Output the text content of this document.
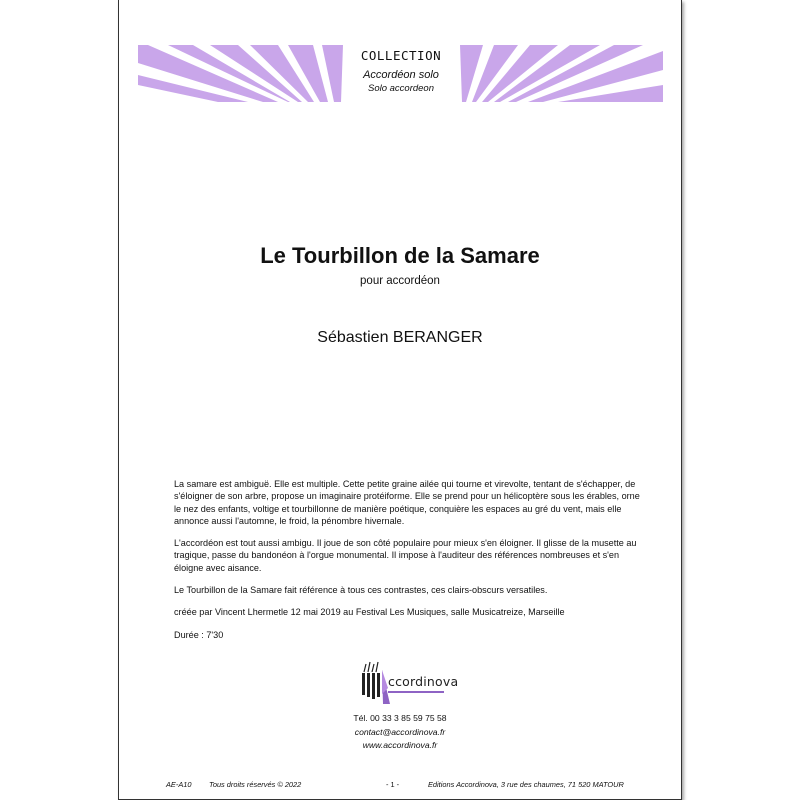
COLLECTION
Accordéon solo
Solo accordeon
Le Tourbillon de la Samare
pour accordéon
Sébastien BERANGER

La samare est ambiguë. Elle est multiple. Cette petite graine ailée qui tourne et virevolte, tentant de s'échapper, de s'éloigner de son arbre, propose un imaginaire protéiforme. Elle se prend pour un hélicoptère sous les érables, orne le nez des enfants, voltige et tourbillonne de manière poétique, conquière les espaces au gré du vent, mais elle annonce aussi l'automne, le froid, la pénombre hivernale.

L'accordéon est tout aussi ambigu. Il joue de son côté populaire pour mieux s'en éloigner. Il glisse de la musette au tragique, passe du bandonéon à l'orgue monumental. Il impose à l'auditeur des références nombreuses et s'en éloigne avec aisance.

Le Tourbillon de la Samare fait référence à tous ces contrastes, ces clairs-obscurs versatiles.

créée par Vincent Lhermetle 12 mai 2019 au Festival Les Musiques, salle Musicatreize, Marseille

Durée : 7'30

ccordinova
Tél. 00 33 3 85 59 75 58
contact@accordinova.fr
www.accordinova.fr
AE-A10 Tous droits réservés © 2022	- 1 -	Editions Accordinova, 3 rue des chaumes, 71 520 MATOUR
